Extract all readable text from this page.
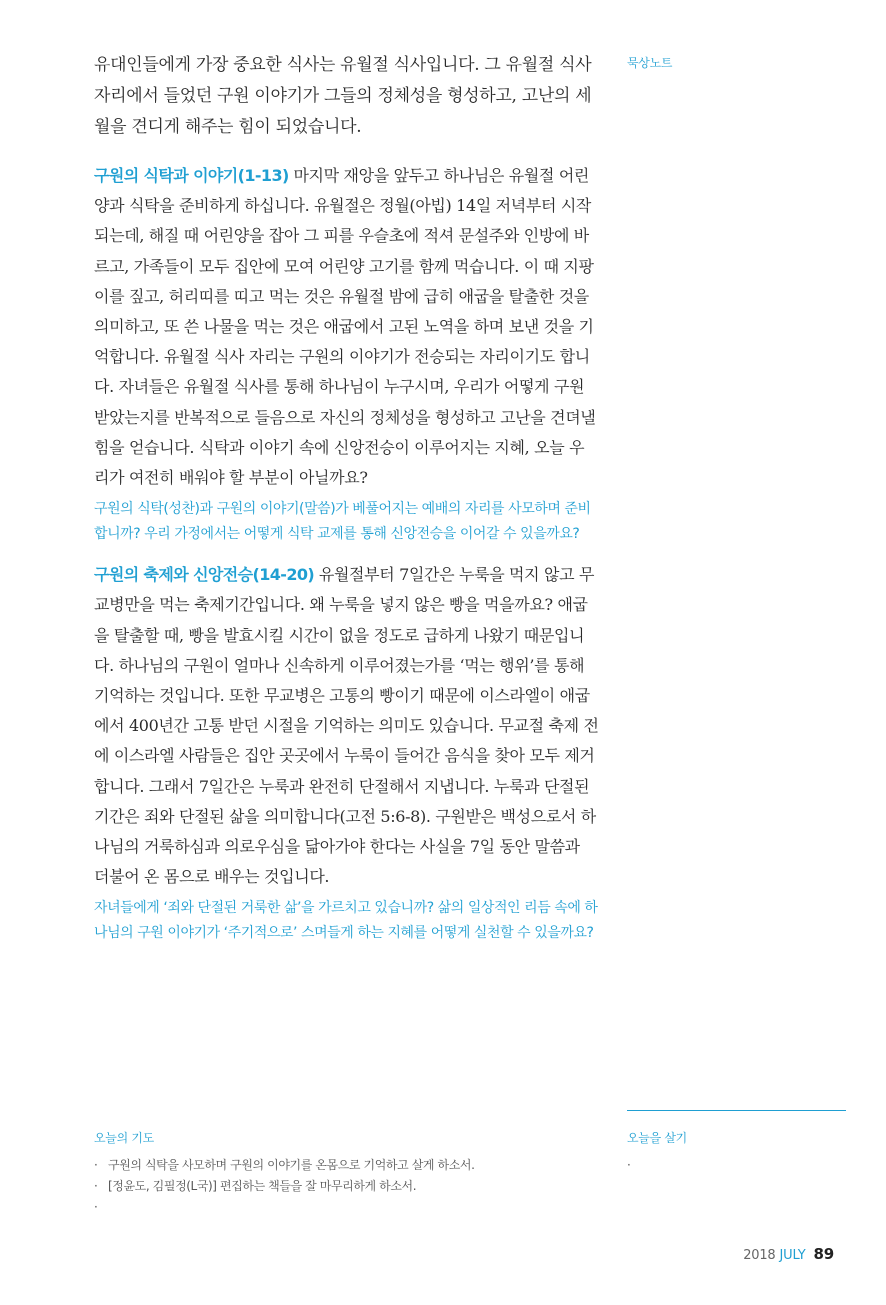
유대인들에게 가장 중요한 식사는 유월절 식사입니다. 그 유월절 식사자리에서 들었던 구원 이야기가 그들의 정체성을 형성하고, 고난의 세월을 견디게 해주는 힘이 되었습니다.

구원의 식탁과 이야기(1-13) 마지막 재앙을 앞두고 하나님은 유월절 어린양과 식탁을 준비하게 하십니다. 유월절은 정월(아빕) 14일 저녁부터 시작되는데, 해질 때 어린양을 잡아 그 피를 우슬초에 적셔 문설주와 인방에 바르고, 가족들이 모두 집안에 모여 어린양 고기를 함께 먹습니다. 이 때 지팡이를 짚고, 허리띠를 띠고 먹는 것은 유월절 밤에 급히 애굽을 탈출한 것을 의미하고, 또 쓴 나물을 먹는 것은 애굽에서 고된 노역을 하며 보낸 것을 기억합니다. 유월절 식사 자리는 구원의 이야기가 전승되는 자리이기도 합니다. 자녀들은 유월절 식사를 통해 하나님이 누구시며, 우리가 어떻게 구원받았는지를 반복적으로 들음으로 자신의 정체성을 형성하고 고난을 견뎌낼 힘을 얻습니다. 식탁과 이야기 속에 신앙전승이 이루어지는 지혜, 오늘 우리가 여전히 배워야 할 부분이 아닐까요?

구원의 식탁(성찬)과 구원의 이야기(말씀)가 베풀어지는 예배의 자리를 사모하며 준비합니까? 우리 가정에서는 어떻게 식탁 교제를 통해 신앙전승을 이어갈 수 있을까요?

구원의 축제와 신앙전승(14-20) 유월절부터 7일간은 누룩을 먹지 않고 무교병만을 먹는 축제기간입니다. 왜 누룩을 넣지 않은 빵을 먹을까요? 애굽을 탈출할 때, 빵을 발효시킬 시간이 없을 정도로 급하게 나왔기 때문입니다. 하나님의 구원이 얼마나 신속하게 이루어졌는가를 ‘먹는 행위’를 통해 기억하는 것입니다. 또한 무교병은 고통의 빵이기 때문에 이스라엘이 애굽에서 400년간 고통 받던 시절을 기억하는 의미도 있습니다. 무교절 축제 전에 이스라엘 사람들은 집안 곳곳에서 누룩이 들어간 음식을 찾아 모두 제거합니다. 그래서 7일간은 누룩과 완전히 단절해서 지냅니다. 누룩과 단절된 기간은 죄와 단절된 삶을 의미합니다(고전 5:6-8). 구원받은 백성으로서 하나님의 거룩하심과 의로우심을 닮아가야 한다는 사실을 7일 동안 말씀과 더불어 온 몸으로 배우는 것입니다.

자녀들에게 ‘죄와 단절된 거룩한 삶’을 가르치고 있습니까? 삶의 일상적인 리듬 속에 하나님의 구원 이야기가 ‘주기적으로’ 스며들게 하는 지혜를 어떻게 실천할 수 있을까요?

묵상노트
오늘의 기도
· 구원의 식탁을 사모하며 구원의 이야기를 온몸으로 기억하고 살게 하소서.
· [정윤도, 김필정(L국)] 편집하는 책들을 잘 마무리하게 하소서.
·
오늘을 살기
·
2018 JULY 89
